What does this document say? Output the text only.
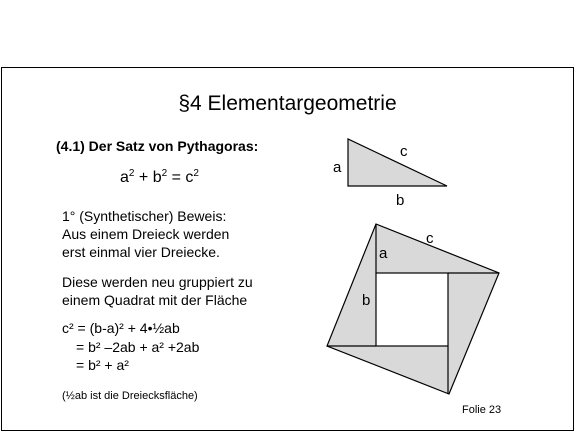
§4 Elementargeometrie
(4.1) Der Satz von Pythagoras:
$a^2 + b^2 = c^2$
1° (Synthetischer) Beweis:
Aus einem Dreieck werden
erst einmal vier Dreiecke.
Diese werden neu gruppiert zu
einem Quadrat mit der Fläche
c² = (b-a)² + 4•½ab
= b² –2ab + a² +2ab
= b² + a²
(½ab ist die Dreiecksfläche)
Folie 23
a
c
b
a
c
b
